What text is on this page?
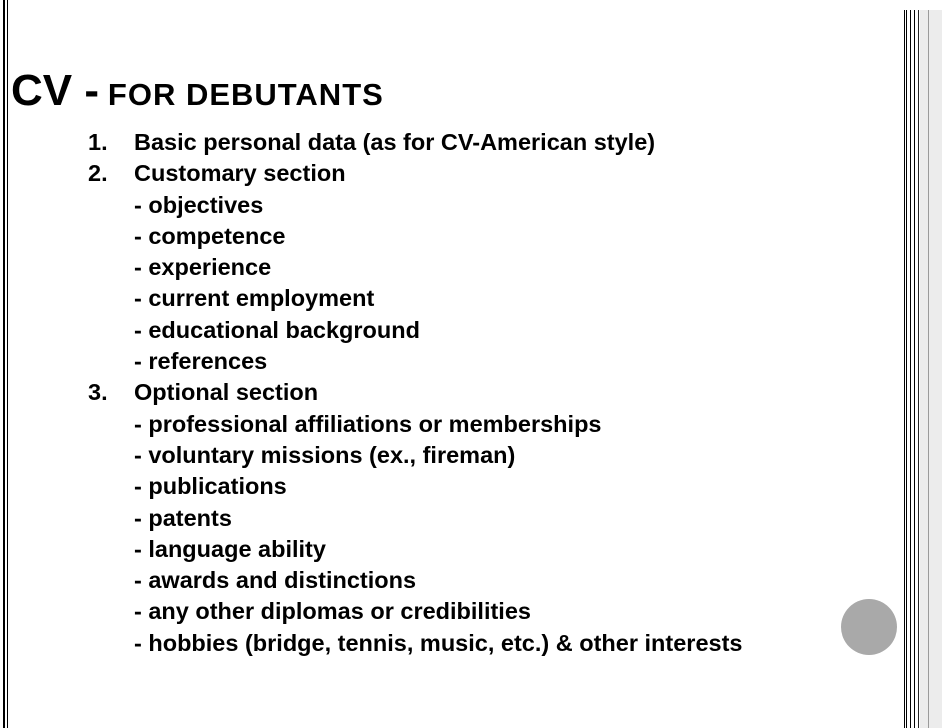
CV - FOR DEBUTANTS
1. Basic personal data (as for CV-American style)
2. Customary section
- objectives
- competence
- experience
- current employment
- educational background
- references
3. Optional section
- professional affiliations or memberships
- voluntary missions (ex., fireman)
- publications
- patents
- language ability
- awards and distinctions
- any other diplomas or credibilities
- hobbies (bridge, tennis, music, etc.) & other interests
